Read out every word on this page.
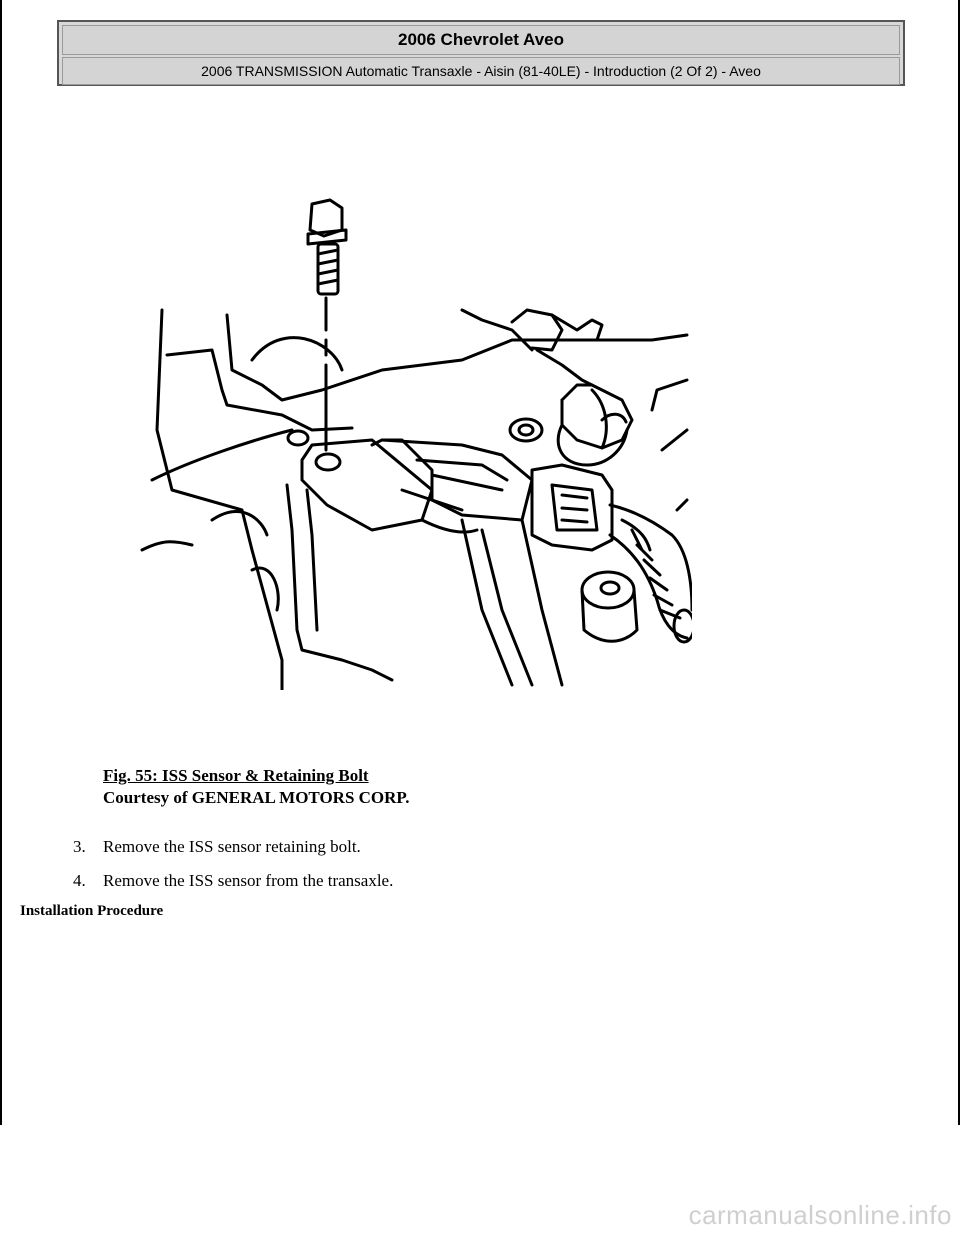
2006 Chevrolet Aveo
2006 TRANSMISSION Automatic Transaxle - Aisin (81-40LE) - Introduction (2 Of 2) - Aveo
Fig. 55: ISS Sensor & Retaining Bolt
Courtesy of GENERAL MOTORS CORP.
3.	Remove the ISS sensor retaining bolt.
4.	Remove the ISS sensor from the transaxle.
Installation Procedure
carmanualsonline.info
